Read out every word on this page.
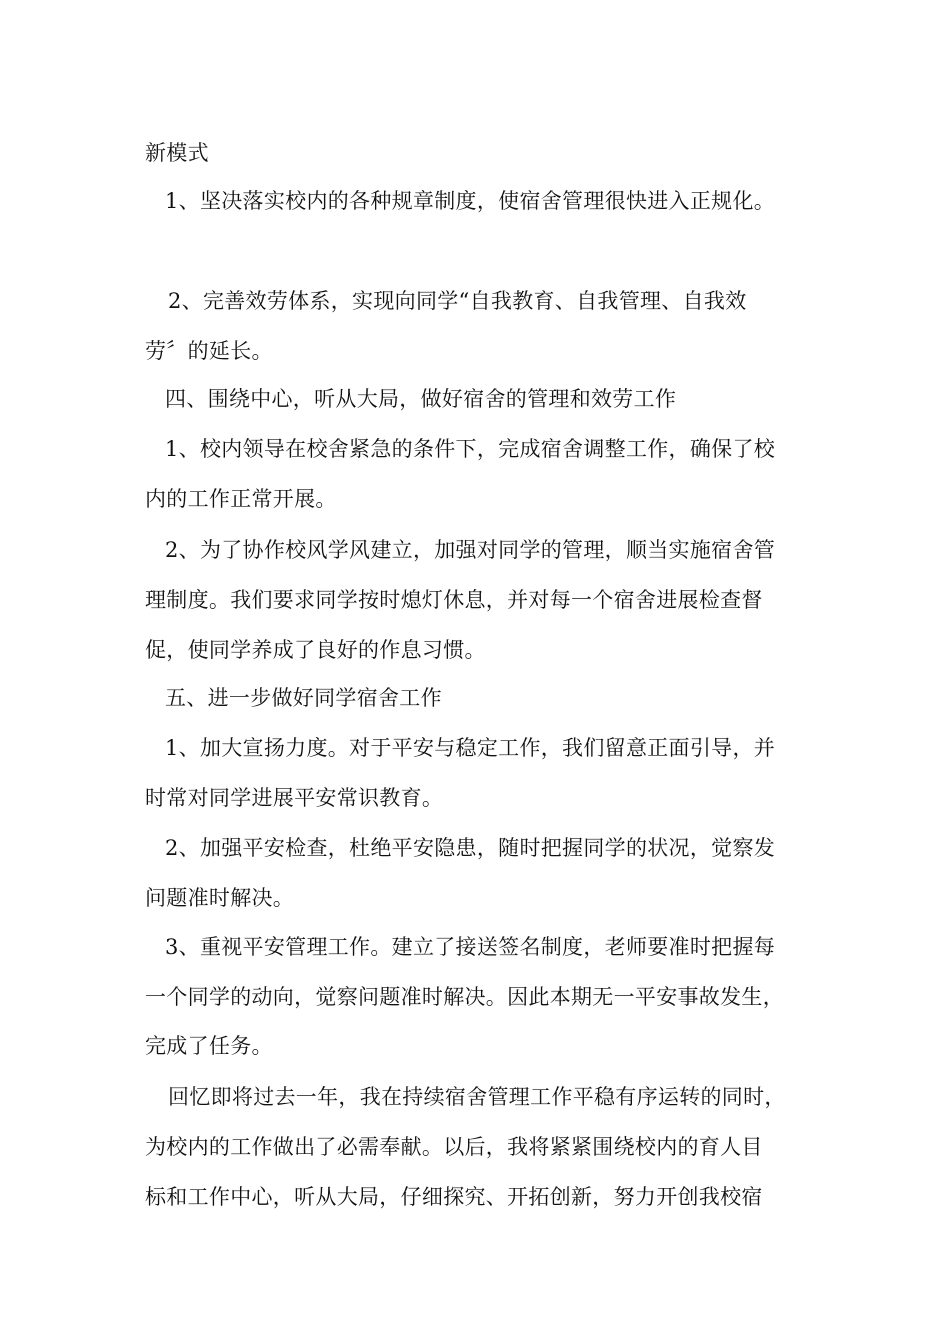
新模式
1、坚决落实校内的各种规章制度，使宿舍管理很快进入正规化。
2、完善效劳体系，实现向同学“自我教育、自我管理、自我效
劳〞的延长。
四、围绕中心，听从大局，做好宿舍的管理和效劳工作
1、校内领导在校舍紧急的条件下，完成宿舍调整工作，确保了校
内的工作正常开展。
2、为了协作校风学风建立，加强对同学的管理，顺当实施宿舍管
理制度。我们要求同学按时熄灯休息，并对每一个宿舍进展检查督
促，使同学养成了良好的作息习惯。
五、进一步做好同学宿舍工作
1、加大宣扬力度。对于平安与稳定工作，我们留意正面引导，并
时常对同学进展平安常识教育。
2、加强平安检查，杜绝平安隐患，随时把握同学的状况，觉察发
问题准时解决。
3、重视平安管理工作。建立了接送签名制度，老师要准时把握每
一个同学的动向，觉察问题准时解决。因此本期无一平安事故发生，
完成了任务。
回忆即将过去一年，我在持续宿舍管理工作平稳有序运转的同时，
为校内的工作做出了必需奉献。以后，我将紧紧围绕校内的育人目
标和工作中心，听从大局，仔细探究、开拓创新，努力开创我校宿
